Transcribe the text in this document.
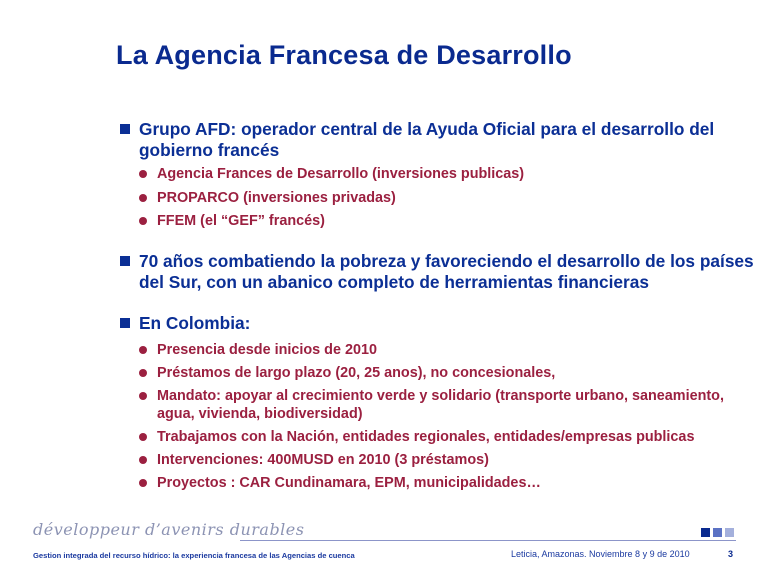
La Agencia Francesa de Desarrollo
Grupo AFD: operador central de la Ayuda Oficial para el desarrollo del gobierno francés
Agencia Frances de Desarrollo (inversiones publicas)
PROPARCO (inversiones privadas)
FFEM (el “GEF” francés)
70 años combatiendo la pobreza y favoreciendo el desarrollo de los países del Sur, con un abanico completo de herramientas financieras
En Colombia:
Presencia desde inicios de 2010
Préstamos de largo plazo (20, 25 anos), no concesionales,
Mandato: apoyar al crecimiento verde y solidario (transporte urbano, saneamiento, agua, vivienda, biodiversidad)
Trabajamos con la Nación, entidades regionales, entidades/empresas publicas
Intervenciones: 400MUSD en 2010 (3 préstamos)
Proyectos : CAR Cundinamara, EPM, municipalidades…
développeur d’avenirs durables
Gestion integrada del recurso hídrico: la experiencia francesa de las Agencias de cuenca	Leticia, Amazonas. Noviembre 8 y 9 de 2010	3
